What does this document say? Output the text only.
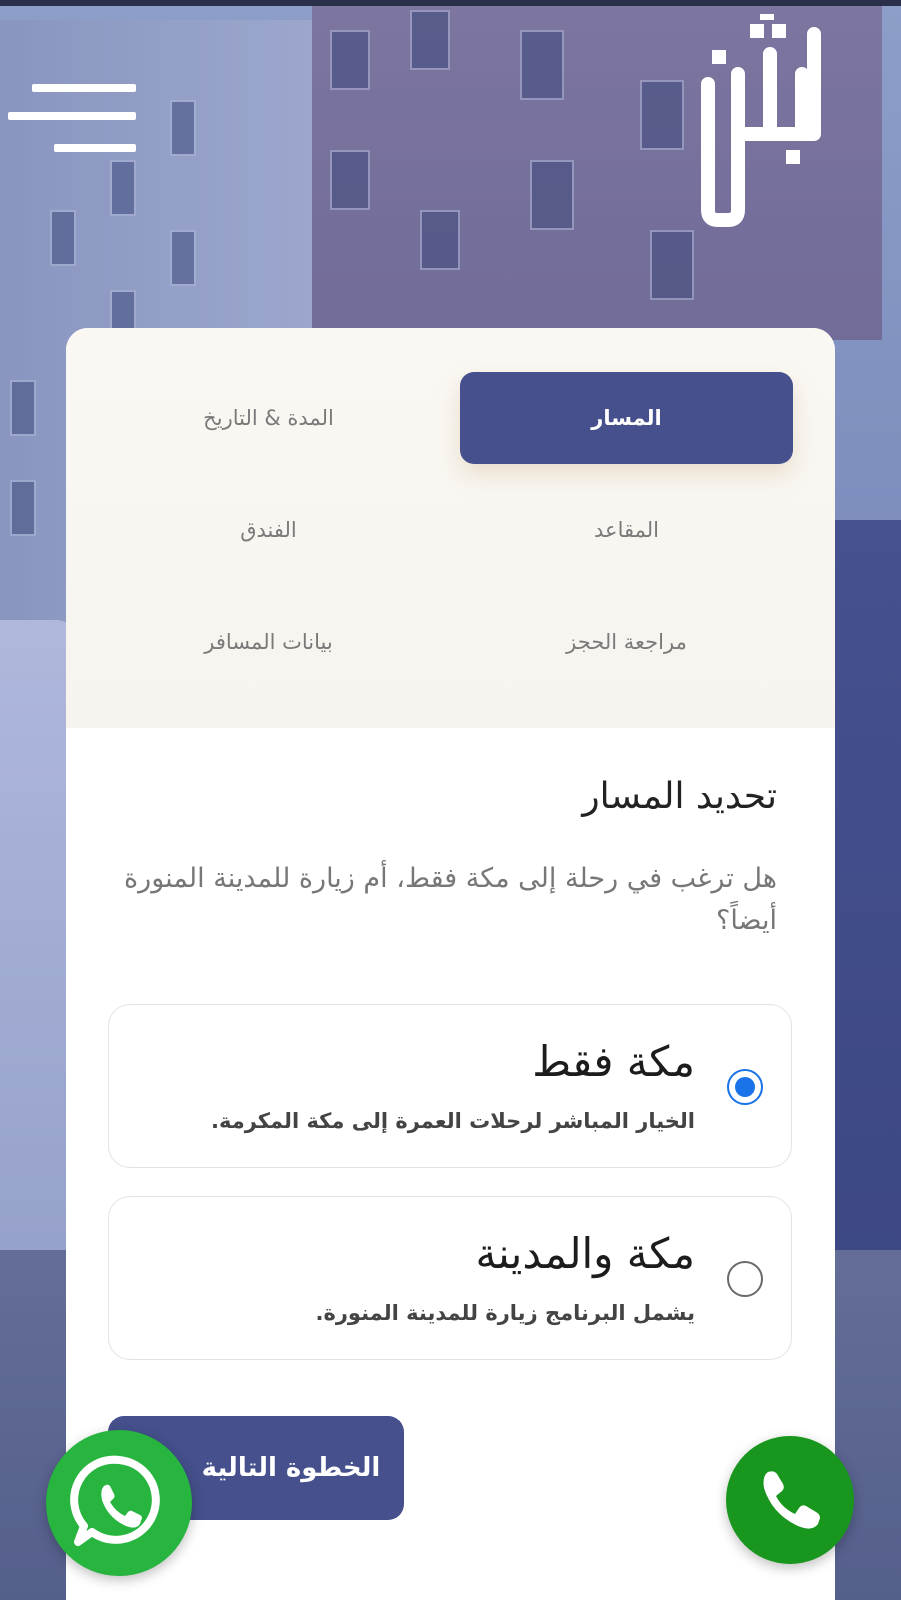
المسار
المدة & التاريخ
المقاعد
الفندق
مراجعة الحجز
بيانات المسافر
تحديد المسار
هل ترغب في رحلة إلى مكة فقط، أم زيارة للمدينة المنورة أيضاً؟
مكة فقط
الخيار المباشر لرحلات العمرة إلى مكة المكرمة.
مكة والمدينة
يشمل البرنامج زيارة للمدينة المنورة.
الخطوة التالية
